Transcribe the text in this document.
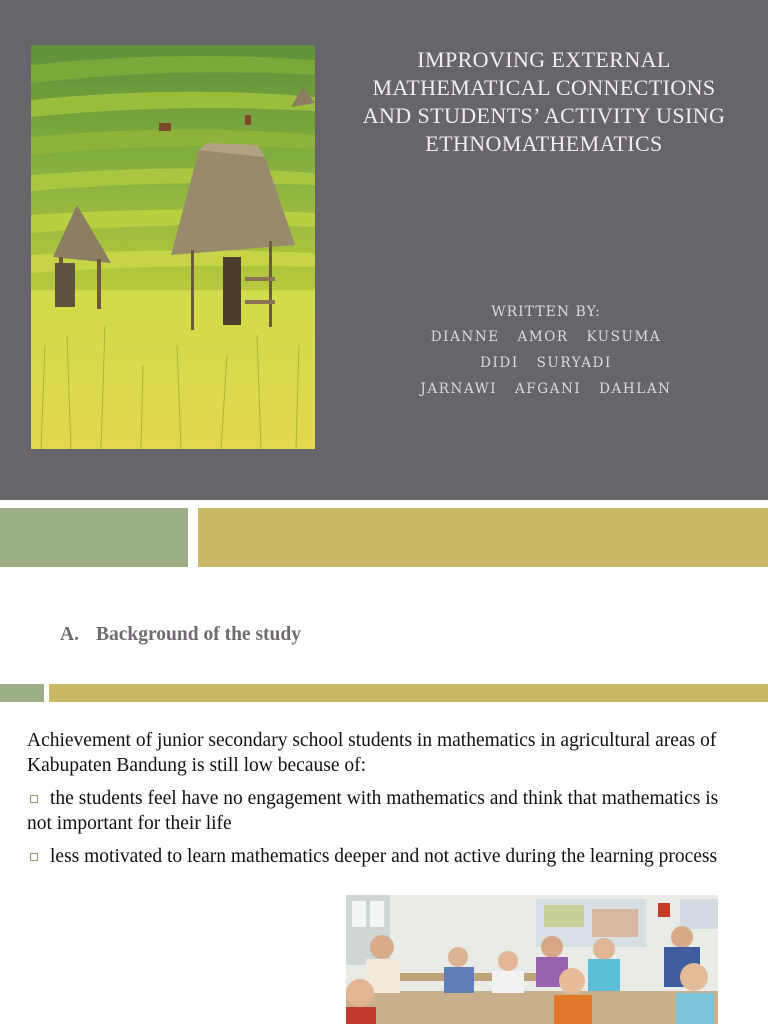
IMPROVING EXTERNAL
MATHEMATICAL CONNECTIONS
AND STUDENTS’ ACTIVITY USING
ETHNOMATHEMATICS
WRITTEN BY:
DIANNE  AMOR  KUSUMA
DIDI  SURYADI
JARNAWI  AFGANI  DAHLAN
A. Background of the study

Achievement of junior secondary school students in mathematics in agricultural areas of Kabupaten Bandung is still low because of:

the students feel have no engagement with mathematics and think that mathematics is not important for their life
less motivated to learn mathematics deeper and not active during the learning process
